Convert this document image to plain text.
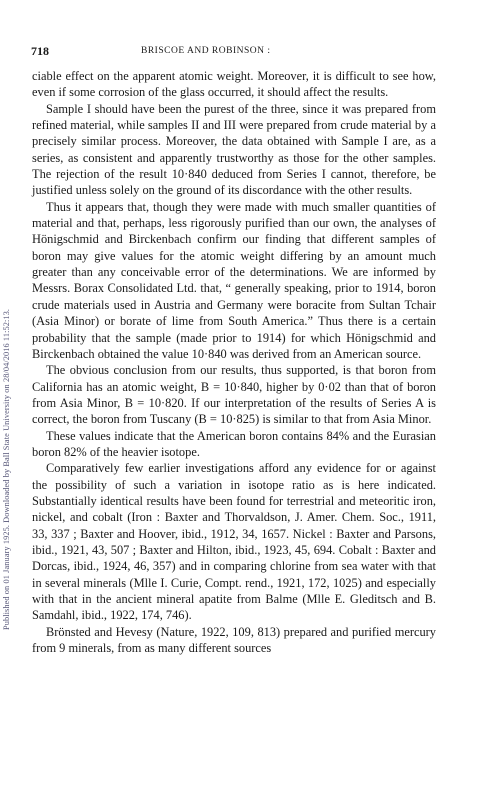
Published on 01 January 1925. Downloaded by Ball State University on 28/04/2016 11:52:13.
718	BRISCOE AND ROBINSON :

ciable effect on the apparent atomic weight. Moreover, it is difficult to see how, even if some corrosion of the glass occurred, it should affect the results.

Sample I should have been the purest of the three, since it was prepared from refined material, while samples II and III were prepared from crude material by a precisely similar process. Moreover, the data obtained with Sample I are, as a series, as consistent and apparently trustworthy as those for the other samples. The rejection of the result 10·840 deduced from Series I cannot, therefore, be justified unless solely on the ground of its discordance with the other results.

Thus it appears that, though they were made with much smaller quantities of material and that, perhaps, less rigorously purified than our own, the analyses of Hönigschmid and Birckenbach confirm our finding that different samples of boron may give values for the atomic weight differing by an amount much greater than any conceivable error of the determinations. We are informed by Messrs. Borax Consolidated Ltd. that, “ generally speaking, prior to 1914, boron crude materials used in Austria and Germany were boracite from Sultan Tchair (Asia Minor) or borate of lime from South America.” Thus there is a certain probability that the sample (made prior to 1914) for which Hönigschmid and Birckenbach obtained the value 10·840 was derived from an American source.

The obvious conclusion from our results, thus supported, is that boron from California has an atomic weight, B = 10·840, higher by 0·02 than that of boron from Asia Minor, B = 10·820. If our interpretation of the results of Series A is correct, the boron from Tuscany (B = 10·825) is similar to that from Asia Minor.

These values indicate that the American boron contains 84% and the Eurasian boron 82% of the heavier isotope.

Comparatively few earlier investigations afford any evidence for or against the possibility of such a variation in isotope ratio as is here indicated. Substantially identical results have been found for terrestrial and meteoritic iron, nickel, and cobalt (Iron : Baxter and Thorvaldson, J. Amer. Chem. Soc., 1911, 33, 337 ; Baxter and Hoover, ibid., 1912, 34, 1657. Nickel : Baxter and Parsons, ibid., 1921, 43, 507 ; Baxter and Hilton, ibid., 1923, 45, 694. Cobalt : Baxter and Dorcas, ibid., 1924, 46, 357) and in comparing chlorine from sea water with that in several minerals (Mlle I. Curie, Compt. rend., 1921, 172, 1025) and especially with that in the ancient mineral apatite from Balme (Mlle E. Gleditsch and B. Samdahl, ibid., 1922, 174, 746).

Brönsted and Hevesy (Nature, 1922, 109, 813) prepared and purified mercury from 9 minerals, from as many different sources
